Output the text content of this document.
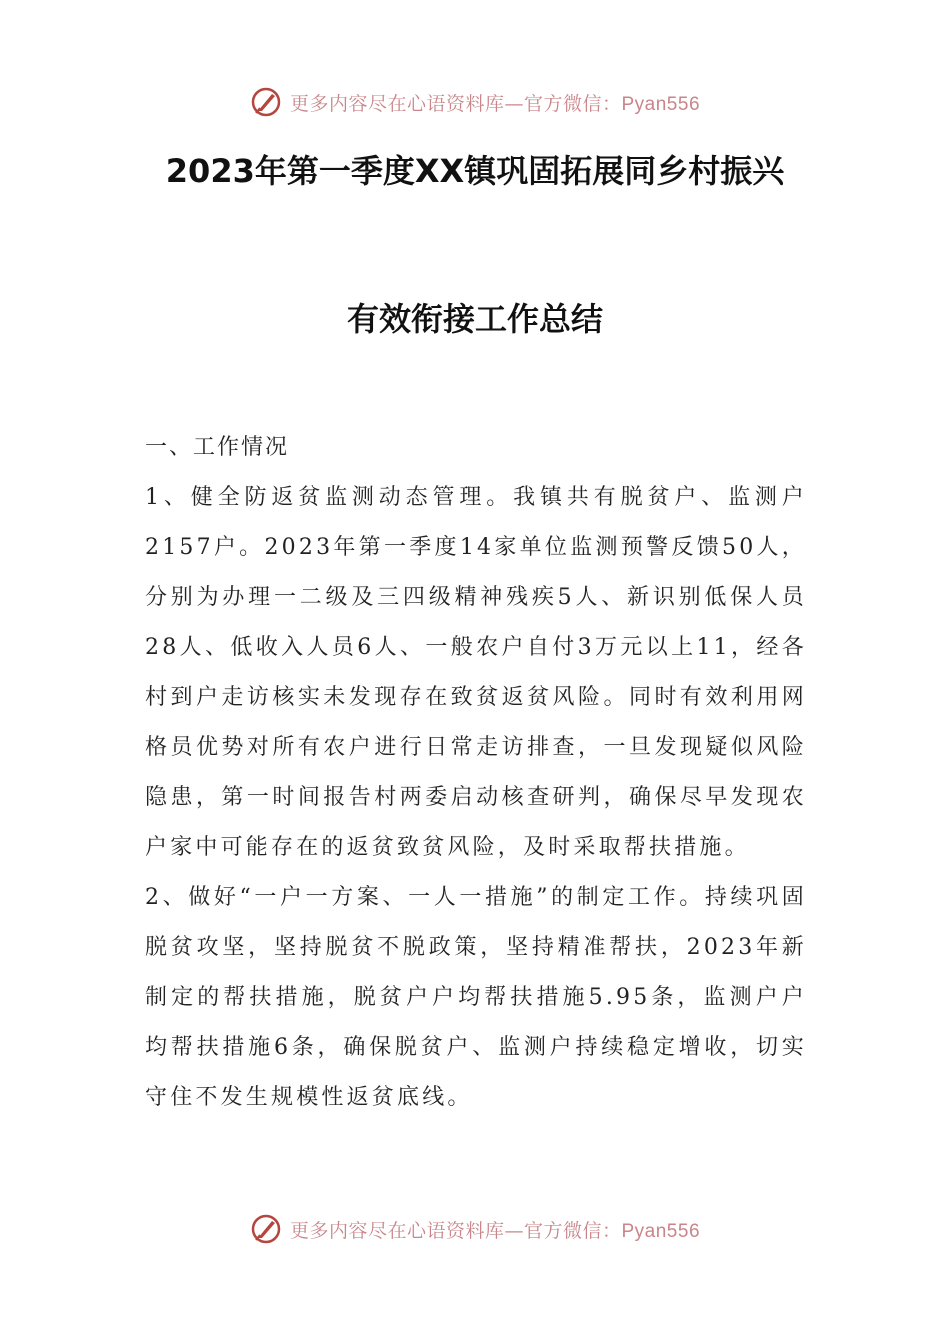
更多内容尽在心语资料库—官方微信：Pyan556
2023年第一季度XX镇巩固拓展同乡村振兴
有效衔接工作总结

一、工作情况

1、健全防返贫监测动态管理。我镇共有脱贫户、监测户2157户。2023年第一季度14家单位监测预警反馈50人，分别为办理一二级及三四级精神残疾5人、新识别低保人员28人、低收入人员6人、一般农户自付3万元以上11，经各村到户走访核实未发现存在致贫返贫风险。同时有效利用网格员优势对所有农户进行日常走访排查，一旦发现疑似风险隐患，第一时间报告村两委启动核查研判，确保尽早发现农户家中可能存在的返贫致贫风险，及时采取帮扶措施。

2、做好“一户一方案、一人一措施”的制定工作。持续巩固脱贫攻坚，坚持脱贫不脱政策，坚持精准帮扶，2023年新制定的帮扶措施，脱贫户户均帮扶措施5.95条，监测户户均帮扶措施6条，确保脱贫户、监测户持续稳定增收，切实守住不发生规模性返贫底线。

更多内容尽在心语资料库—官方微信：Pyan556
